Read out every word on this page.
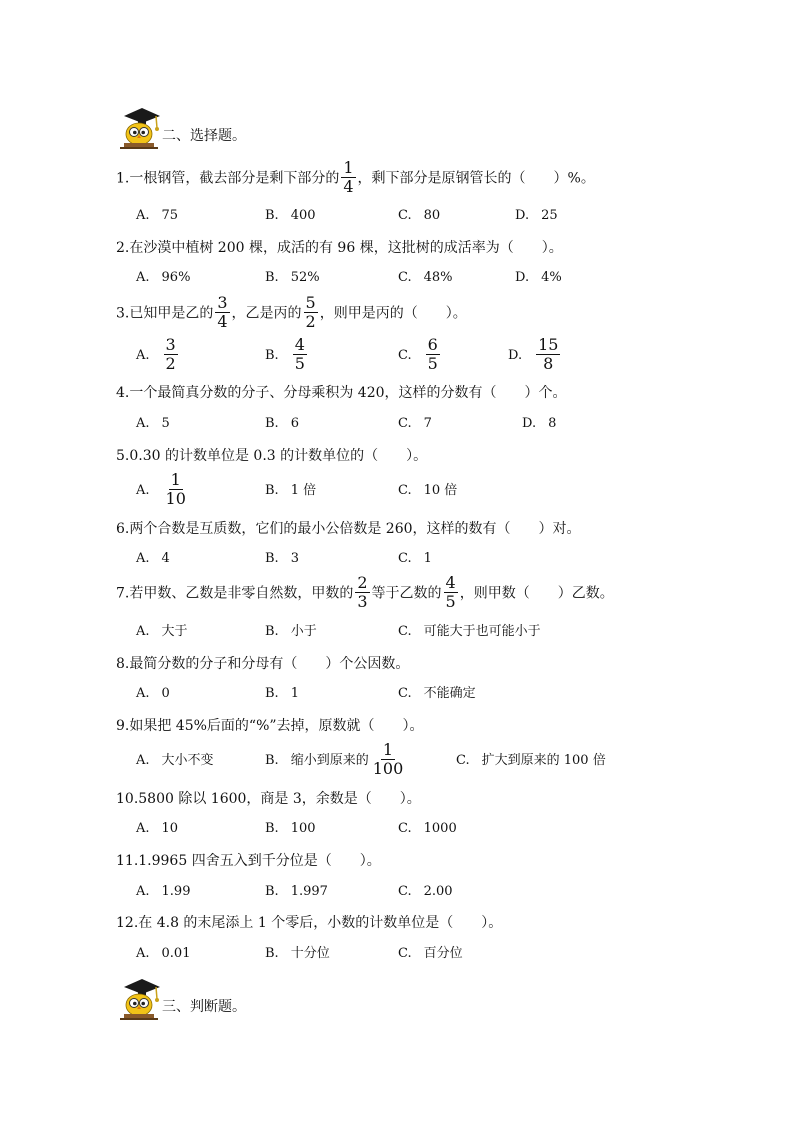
二、选择题。
1.一根钢管，截去部分是剩下部分的 $\frac{1}{4}$ ，剩下部分是原钢管长的（　　）%。
A. 75	B. 400	C. 80	D. 25
2.在沙漠中植树 200 棵，成活的有 96 棵，这批树的成活率为（　　）。
A. 96%	B. 52%	C. 48%	D. 4%
3.已知甲是乙的 $\frac{3}{4}$ ，乙是丙的 $\frac{5}{2}$ ，则甲是丙的（　　）。
A. $\frac{3}{2}$	B. $\frac{4}{5}$	C. $\frac{6}{5}$	D. $\frac{15}{8}$
4.一个最简真分数的分子、分母乘积为 420，这样的分数有（　　）个。
A. 5	B. 6	C. 7	D. 8
5.0.30 的计数单位是 0.3 的计数单位的（　　）。
A. $\frac{1}{10}$	B. 1 倍	C. 10 倍
6.两个合数是互质数，它们的最小公倍数是 260，这样的数有（　　）对。
A. 4	B. 3	C. 1
7.若甲数、乙数是非零自然数，甲数的 $\frac{2}{3}$ 等于乙数的 $\frac{4}{5}$ ，则甲数（　　）乙数。
A. 大于	B. 小于	C. 可能大于也可能小于
8.最简分数的分子和分母有（　　）个公因数。
A. 0	B. 1	C. 不能确定
9.如果把 45%后面的“%”去掉，原数就（　　）。
A. 大小不变	B. 缩小到原来的 $\frac{1}{100}$	C. 扩大到原来的 100 倍
10.5800 除以 1600，商是 3，余数是（　　）。
A. 10	B. 100	C. 1000
11.1.9965 四舍五入到千分位是（　　）。
A. 1.99	B. 1.997	C. 2.00
12.在 4.8 的末尾添上 1 个零后，小数的计数单位是（　　）。
A. 0.01	B. 十分位	C. 百分位
三、判断题。
